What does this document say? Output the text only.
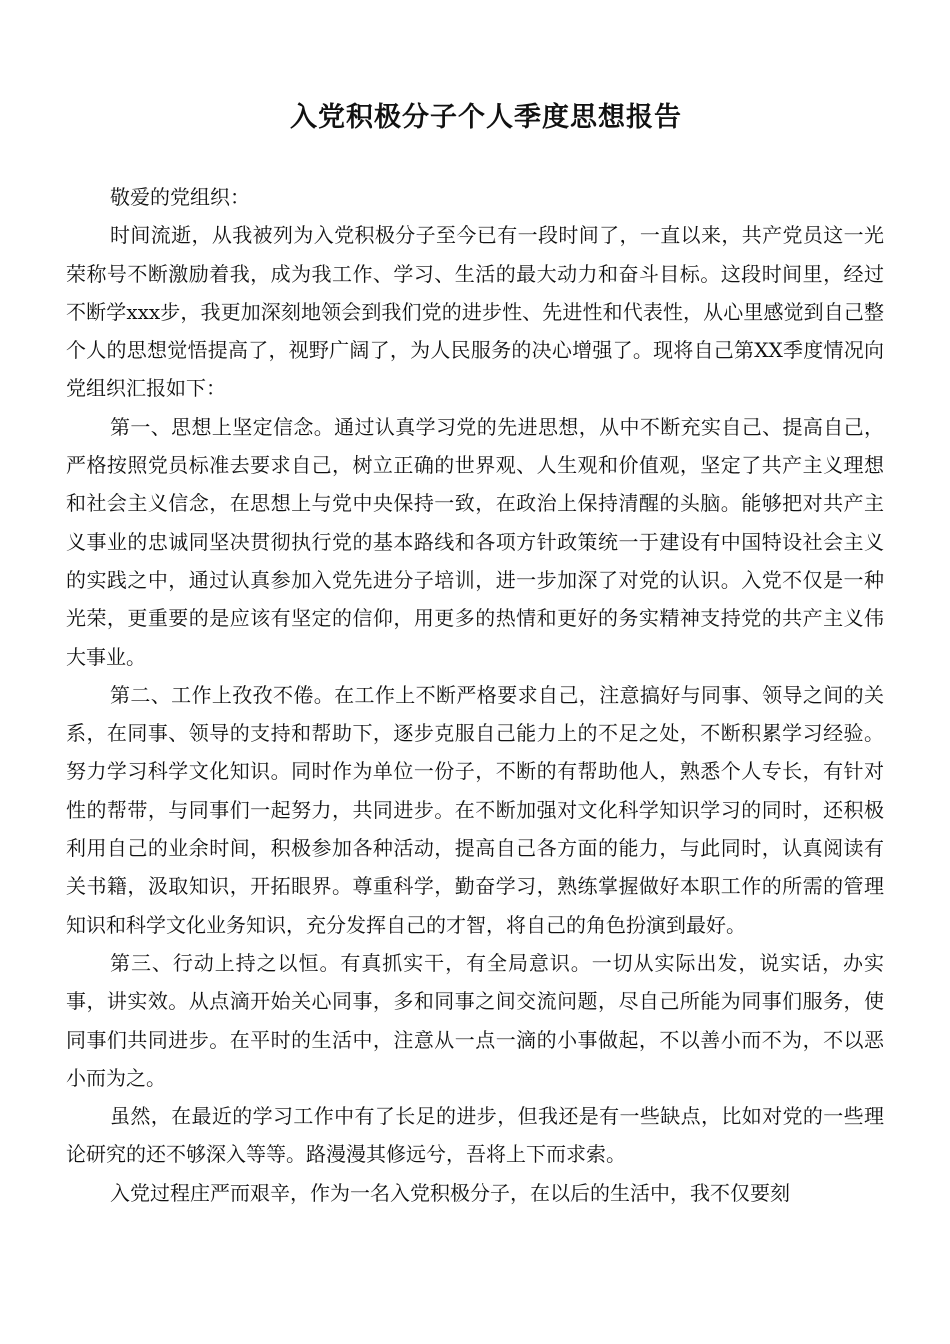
入党积极分子个人季度思想报告

敬爱的党组织：

时间流逝，从我被列为入党积极分子至今已有一段时间了，一直以来，共产党员这一光荣称号不断激励着我，成为我工作、学习、生活的最大动力和奋斗目标。这段时间里，经过不断学xxx步，我更加深刻地领会到我们党的进步性、先进性和代表性，从心里感觉到自己整个人的思想觉悟提高了，视野广阔了，为人民服务的决心增强了。现将自己第XX季度情况向党组织汇报如下：

第一、思想上坚定信念。通过认真学习党的先进思想，从中不断充实自己、提高自己，严格按照党员标准去要求自己，树立正确的世界观、人生观和价值观，坚定了共产主义理想和社会主义信念，在思想上与党中央保持一致，在政治上保持清醒的头脑。能够把对共产主义事业的忠诚同坚决贯彻执行党的基本路线和各项方针政策统一于建设有中国特设社会主义的实践之中，通过认真参加入党先进分子培训，进一步加深了对党的认识。入党不仅是一种光荣，更重要的是应该有坚定的信仰，用更多的热情和更好的务实精神支持党的共产主义伟大事业。

第二、工作上孜孜不倦。在工作上不断严格要求自己，注意搞好与同事、领导之间的关系，在同事、领导的支持和帮助下，逐步克服自己能力上的不足之处，不断积累学习经验。努力学习科学文化知识。同时作为单位一份子，不断的有帮助他人，熟悉个人专长，有针对性的帮带，与同事们一起努力，共同进步。在不断加强对文化科学知识学习的同时，还积极利用自己的业余时间，积极参加各种活动，提高自己各方面的能力，与此同时，认真阅读有关书籍，汲取知识，开拓眼界。尊重科学，勤奋学习，熟练掌握做好本职工作的所需的管理知识和科学文化业务知识，充分发挥自己的才智，将自己的角色扮演到最好。

第三、行动上持之以恒。有真抓实干，有全局意识。一切从实际出发，说实话，办实事，讲实效。从点滴开始关心同事，多和同事之间交流问题，尽自己所能为同事们服务，使同事们共同进步。在平时的生活中，注意从一点一滴的小事做起，不以善小而不为，不以恶小而为之。

虽然，在最近的学习工作中有了长足的进步，但我还是有一些缺点，比如对党的一些理论研究的还不够深入等等。路漫漫其修远兮，吾将上下而求索。

入党过程庄严而艰辛，作为一名入党积极分子，在以后的生活中，我不仅要刻
